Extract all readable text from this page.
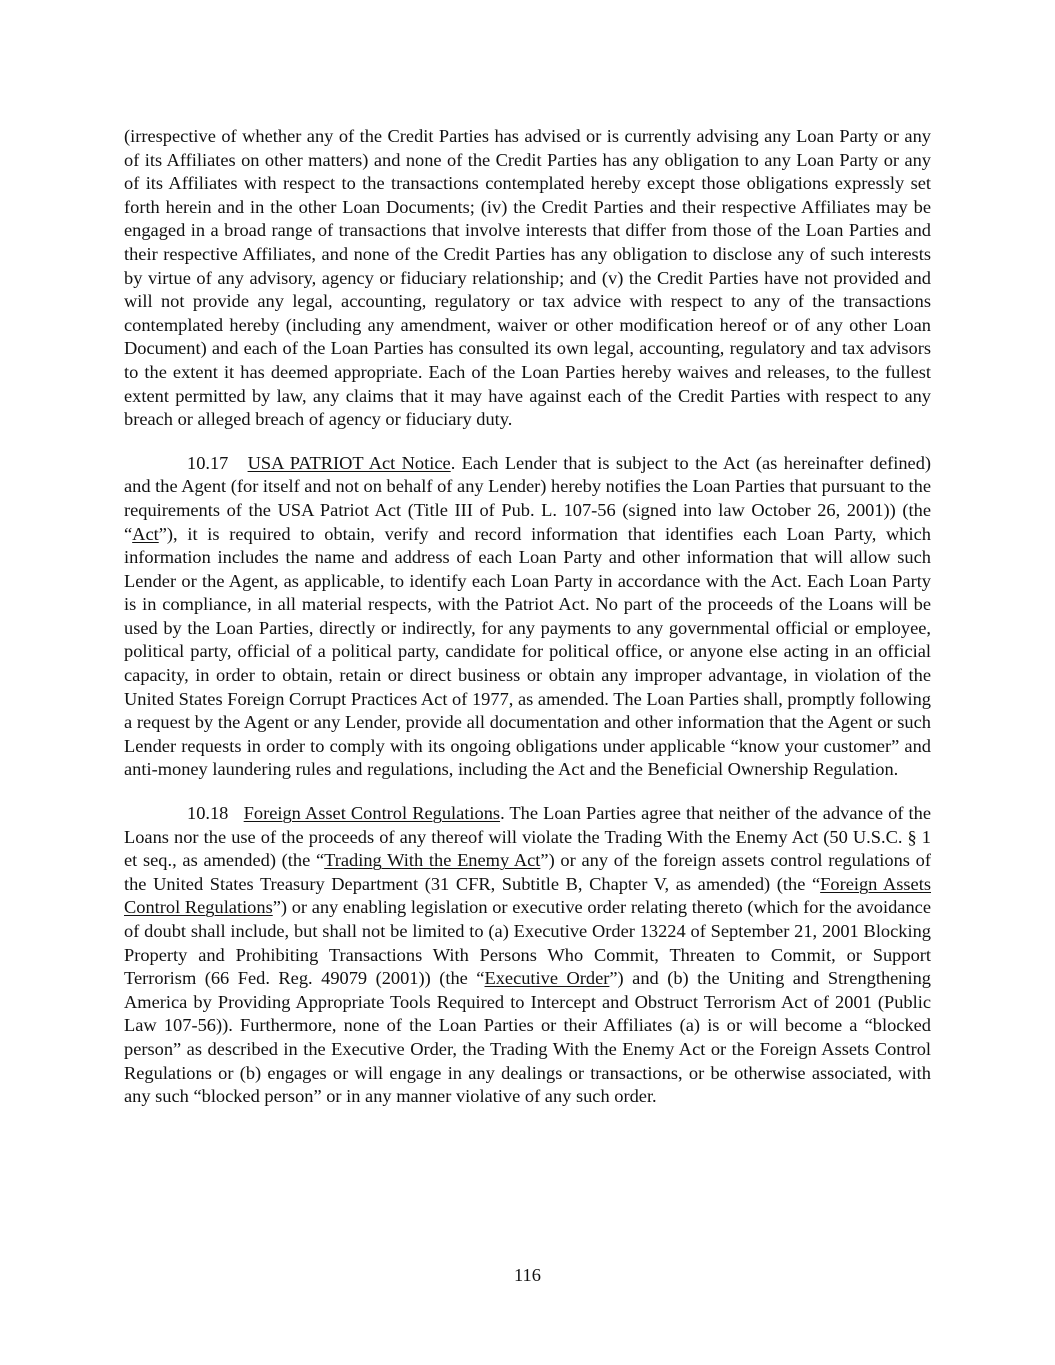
(irrespective of whether any of the Credit Parties has advised or is currently advising any Loan Party or any of its Affiliates on other matters) and none of the Credit Parties has any obligation to any Loan Party or any of its Affiliates with respect to the transactions contemplated hereby except those obligations expressly set forth herein and in the other Loan Documents; (iv) the Credit Parties and their respective Affiliates may be engaged in a broad range of transactions that involve interests that differ from those of the Loan Parties and their respective Affiliates, and none of the Credit Parties has any obligation to disclose any of such interests by virtue of any advisory, agency or fiduciary relationship; and (v) the Credit Parties have not provided and will not provide any legal, accounting, regulatory or tax advice with respect to any of the transactions contemplated hereby (including any amendment, waiver or other modification hereof or of any other Loan Document) and each of the Loan Parties has consulted its own legal, accounting, regulatory and tax advisors to the extent it has deemed appropriate. Each of the Loan Parties hereby waives and releases, to the fullest extent permitted by law, any claims that it may have against each of the Credit Parties with respect to any breach or alleged breach of agency or fiduciary duty.

10.17 USA PATRIOT Act Notice. Each Lender that is subject to the Act (as hereinafter defined) and the Agent (for itself and not on behalf of any Lender) hereby notifies the Loan Parties that pursuant to the requirements of the USA Patriot Act (Title III of Pub. L. 107-56 (signed into law October 26, 2001)) (the “Act”), it is required to obtain, verify and record information that identifies each Loan Party, which information includes the name and address of each Loan Party and other information that will allow such Lender or the Agent, as applicable, to identify each Loan Party in accordance with the Act. Each Loan Party is in compliance, in all material respects, with the Patriot Act. No part of the proceeds of the Loans will be used by the Loan Parties, directly or indirectly, for any payments to any governmental official or employee, political party, official of a political party, candidate for political office, or anyone else acting in an official capacity, in order to obtain, retain or direct business or obtain any improper advantage, in violation of the United States Foreign Corrupt Practices Act of 1977, as amended. The Loan Parties shall, promptly following a request by the Agent or any Lender, provide all documentation and other information that the Agent or such Lender requests in order to comply with its ongoing obligations under applicable “know your customer” and anti-money laundering rules and regulations, including the Act and the Beneficial Ownership Regulation.

10.18 Foreign Asset Control Regulations. The Loan Parties agree that neither of the advance of the Loans nor the use of the proceeds of any thereof will violate the Trading With the Enemy Act (50 U.S.C. § 1 et seq., as amended) (the “Trading With the Enemy Act”) or any of the foreign assets control regulations of the United States Treasury Department (31 CFR, Subtitle B, Chapter V, as amended) (the “Foreign Assets Control Regulations”) or any enabling legislation or executive order relating thereto (which for the avoidance of doubt shall include, but shall not be limited to (a) Executive Order 13224 of September 21, 2001 Blocking Property and Prohibiting Transactions With Persons Who Commit, Threaten to Commit, or Support Terrorism (66 Fed. Reg. 49079 (2001)) (the “Executive Order”) and (b) the Uniting and Strengthening America by Providing Appropriate Tools Required to Intercept and Obstruct Terrorism Act of 2001 (Public Law 107-56)). Furthermore, none of the Loan Parties or their Affiliates (a) is or will become a “blocked person” as described in the Executive Order, the Trading With the Enemy Act or the Foreign Assets Control Regulations or (b) engages or will engage in any dealings or transactions, or be otherwise associated, with any such “blocked person” or in any manner violative of any such order.

116
